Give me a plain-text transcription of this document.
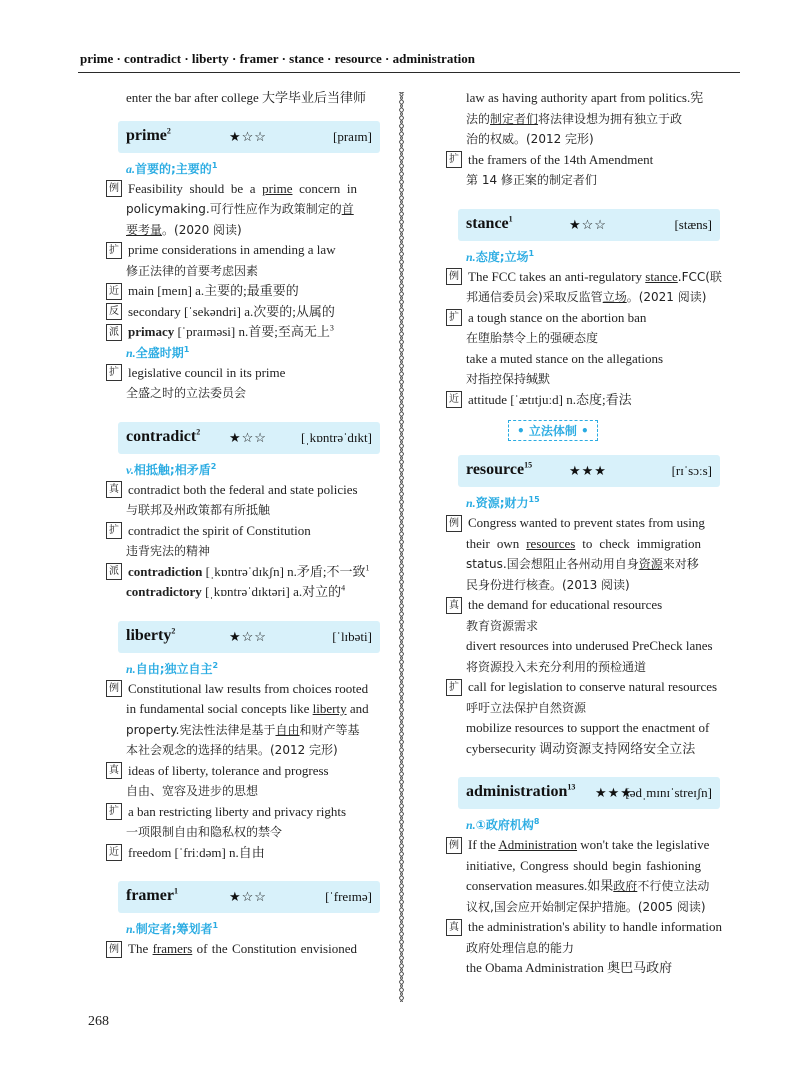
prime · contradict · liberty · framer · stance · resource · administration
enter the bar after college 大学毕业后当律师
prime$^2$	★☆☆	[praɪm]
a.首要的;主要的$^1$
例 Feasibility should be a prime concern in
policymaking.可行性应作为政策制定的首
要考量。(2020 阅读)
扩 prime considerations in amending a law
修正法律的首要考虑因素
近 main [meɪn] a.主要的;最重要的
反 secondary [ˈsekəndri] a.次要的;从属的
派 primacy [ˈpraɪməsi] n.首要;至高无上$^3$
n.全盛时期$^1$
扩 legislative council in its prime
全盛之时的立法委员会
contradict$^2$ ★☆☆	[ˌkɒntrəˈdɪkt]
v.相抵触;相矛盾$^2$
真 contradict both the federal and state policies
与联邦及州政策都有所抵触
扩 contradict the spirit of Constitution
违背宪法的精神
派 contradiction [ˌkɒntrəˈdɪkʃn] n.矛盾;不一致$^1$
contradictory [ˌkɒntrəˈdɪktəri] a.对立的$^4$
liberty$^2$	★☆☆	[ˈlɪbəti]
n.自由;独立自主$^2$
例 Constitutional law results from choices rooted
in fundamental social concepts like liberty and
property.宪法性法律是基于自由和财产等基
本社会观念的选择的结果。(2012 完形)
真 ideas of liberty, tolerance and progress
自由、宽容及进步的思想
扩 a ban restricting liberty and privacy rights
一项限制自由和隐私权的禁令
近 freedom [ˈfriːdəm] n.自由
framer$^1$	★☆☆	[ˈfreɪmə]
n.制定者;筹划者$^1$
例 The framers of the Constitution envisioned
law as having authority apart from politics.宪
法的制定者们将法律设想为拥有独立于政
治的权威。(2012 完形)
扩 the framers of the 14th Amendment
第 14 修正案的制定者们
stance$^1$	★☆☆	[stæns]
n.态度;立场$^1$
例 The FCC takes an anti-regulatory stance.FCC(联
邦通信委员会)采取反监管立场。(2021 阅读)
扩 a tough stance on the abortion ban
在堕胎禁令上的强硬态度
take a muted stance on the allegations
对指控保持缄默
近 attitude [ˈætɪtjuːd] n.态度;看法
• 立法体制 •
resource$^{15}$	★★★	[rɪˈsɔːs]
n.资源;财力$^{15}$
例 Congress wanted to prevent states from using
their own resources to check immigration
status.国会想阻止各州动用自身资源来对移
民身份进行核查。(2013 阅读)
真 the demand for educational resources
教育资源需求
divert resources into underused PreCheck lanes
将资源投入未充分利用的预检通道
扩 call for legislation to conserve natural resources
呼吁立法保护自然资源
mobilize resources to support the enactment of
cybersecurity 调动资源支持网络安全立法
administration$^{13}$ ★★★
[ədˌmɪnɪˈstreɪʃn]
n.①政府机构$^8$
例 If the Administration won't take the legislative
initiative, Congress should begin fashioning
conservation measures.如果政府不行使立法动
议权,国会应开始制定保护措施。(2005 阅读)
真 the administration's ability to handle information
政府处理信息的能力
the Obama Administration 奥巴马政府
268
